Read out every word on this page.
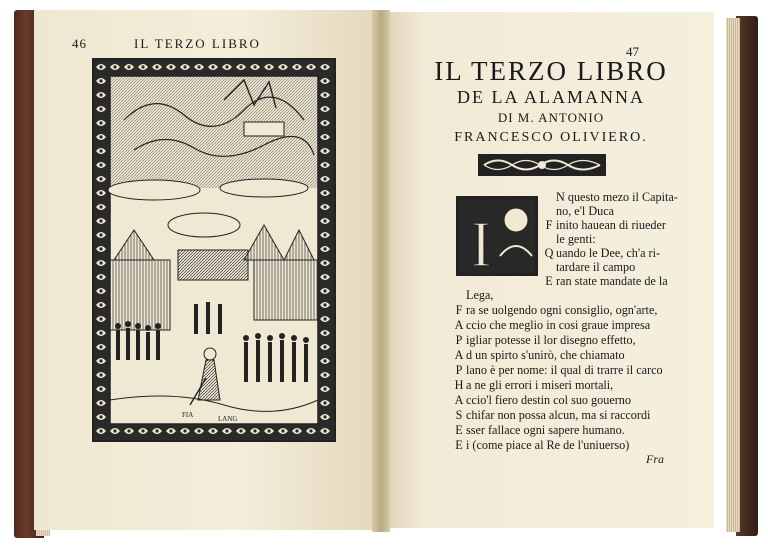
46	IL TERZO LIBRO
FIA	LANG
47
IL TERZO LIBRO
DE LA ALAMANNA
DI M. ANTONIO
FRANCESCO OLIVIERO.
I
N questo mezo il Capita-
no, e'l Duca
F inito hauean di riueder
le genti:
Q uando le Dee, ch'a ri-
tardare il campo
E ran state mandate de la
Lega,
F ra se uolgendo ogni consiglio, ogn'arte,
A ccio che meglio in cosi graue impresa
P igliar potesse il lor disegno effetto,
A d un spirto s'unirò, che chiamato
P lano è per nome: il qual di trarre il carco
H a ne gli errori i miseri mortali,
A ccio'l fiero destin col suo gouerno
S chifar non possa alcun, ma si raccordi
E sser fallace ogni sapere humano.
E i (come piace al Re de l'uniuerso)
Fra
